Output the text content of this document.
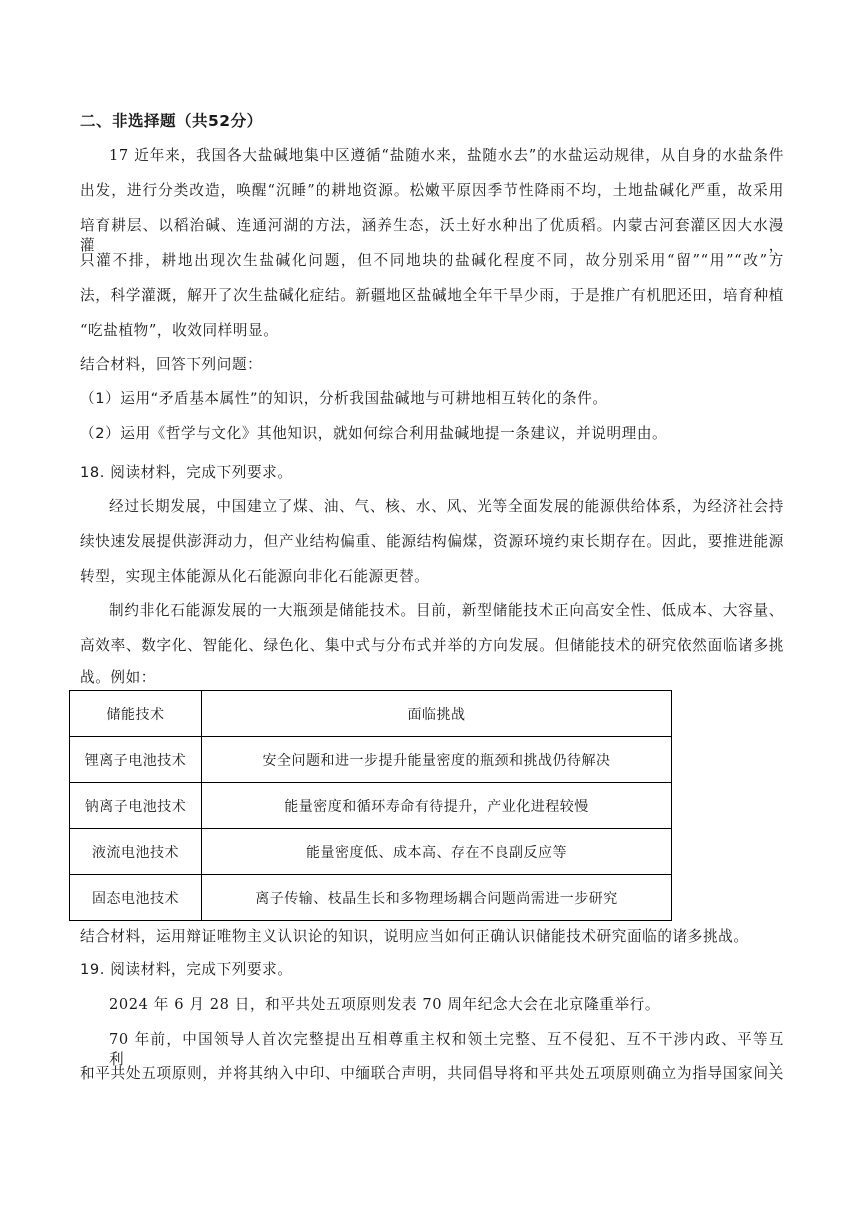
二、非选择题（共52分）
17 近年来，我国各大盐碱地集中区遵循“盐随水来，盐随水去”的水盐运动规律，从自身的水盐条件
出发，进行分类改造，唤醒“沉睡”的耕地资源。松嫩平原因季节性降雨不均，土地盐碱化严重，故采用
培育耕层、以稻治碱、连通河湖的方法，涵养生态，沃土好水种出了优质稻。内蒙古河套灌区因大水漫灌，
只灌不排，耕地出现次生盐碱化问题，但不同地块的盐碱化程度不同，故分别采用“留”“用”“改”方
法，科学灌溉，解开了次生盐碱化症结。新疆地区盐碱地全年干旱少雨，于是推广有机肥还田，培育种植
“吃盐植物”，收效同样明显。
结合材料，回答下列问题：
（1）运用“矛盾基本属性”的知识，分析我国盐碱地与可耕地相互转化的条件。
（2）运用《哲学与文化》其他知识，就如何综合利用盐碱地提一条建议，并说明理由。
18. 阅读材料，完成下列要求。
经过长期发展，中国建立了煤、油、气、核、水、风、光等全面发展的能源供给体系，为经济社会持
续快速发展提供澎湃动力，但产业结构偏重、能源结构偏煤，资源环境约束长期存在。因此，要推进能源
转型，实现主体能源从化石能源向非化石能源更替。
制约非化石能源发展的一大瓶颈是储能技术。目前，新型储能技术正向高安全性、低成本、大容量、
高效率、数字化、智能化、绿色化、集中式与分布式并举的方向发展。但储能技术的研究依然面临诸多挑
战。例如：
储能技术	面临挑战
锂离子电池技术	安全问题和进一步提升能量密度的瓶颈和挑战仍待解决
钠离子电池技术	能量密度和循环寿命有待提升，产业化进程较慢
液流电池技术	能量密度低、成本高、存在不良副反应等
固态电池技术	离子传输、枝晶生长和多物理场耦合问题尚需进一步研究
结合材料，运用辩证唯物主义认识论的知识，说明应当如何正确认识储能技术研究面临的诸多挑战。
19. 阅读材料，完成下列要求。
2024 年 6 月 28 日，和平共处五项原则发表 70 周年纪念大会在北京隆重举行。
70 年前，中国领导人首次完整提出互相尊重主权和领土完整、互不侵犯、互不干涉内政、平等互利、
和平共处五项原则，并将其纳入中印、中缅联合声明，共同倡导将和平共处五项原则确立为指导国家间关
